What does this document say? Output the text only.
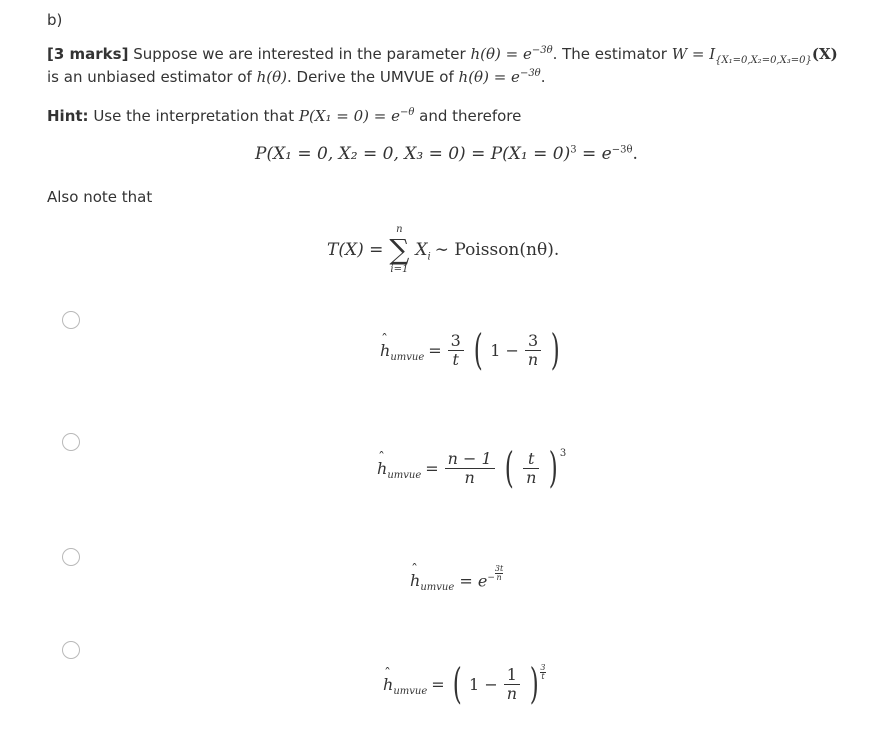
b)
[3 marks] Suppose we are interested in the parameter $h(\theta) = e^{-3\theta}$. The estimator $W = I_{\{X_1=0,X_2=0,X_3=0\}}(X)$
is an unbiased estimator of h(θ). Derive the UMVUE of $h(\theta) = e^{-3\theta}$.
Hint: Use the interpretation that $P(X_1 = 0) = e^{-\theta}$ and therefore
P(X₁ = 0, X₂ = 0, $X_3 = 0) = P(X_1 = 0)^3 = e^{-3\theta}$.
Also note that
T(X) =
n
∑
i=1
$X_i$ ∼ Poisson(nθ).
ˆ $h_{umvue} = \frac{3}{t}$ ( $1 - \frac{3}{n}$ )
ˆ $h_{umvue} = \frac{n - 1}{n}$ ( $\frac{t}{n} )^3$
ˆ $h_{umvue} = e^- \frac{3t}{n}$
ˆ $h_{umvue}$ = ( $1 - \frac{1}{n}$ ) 3
t
